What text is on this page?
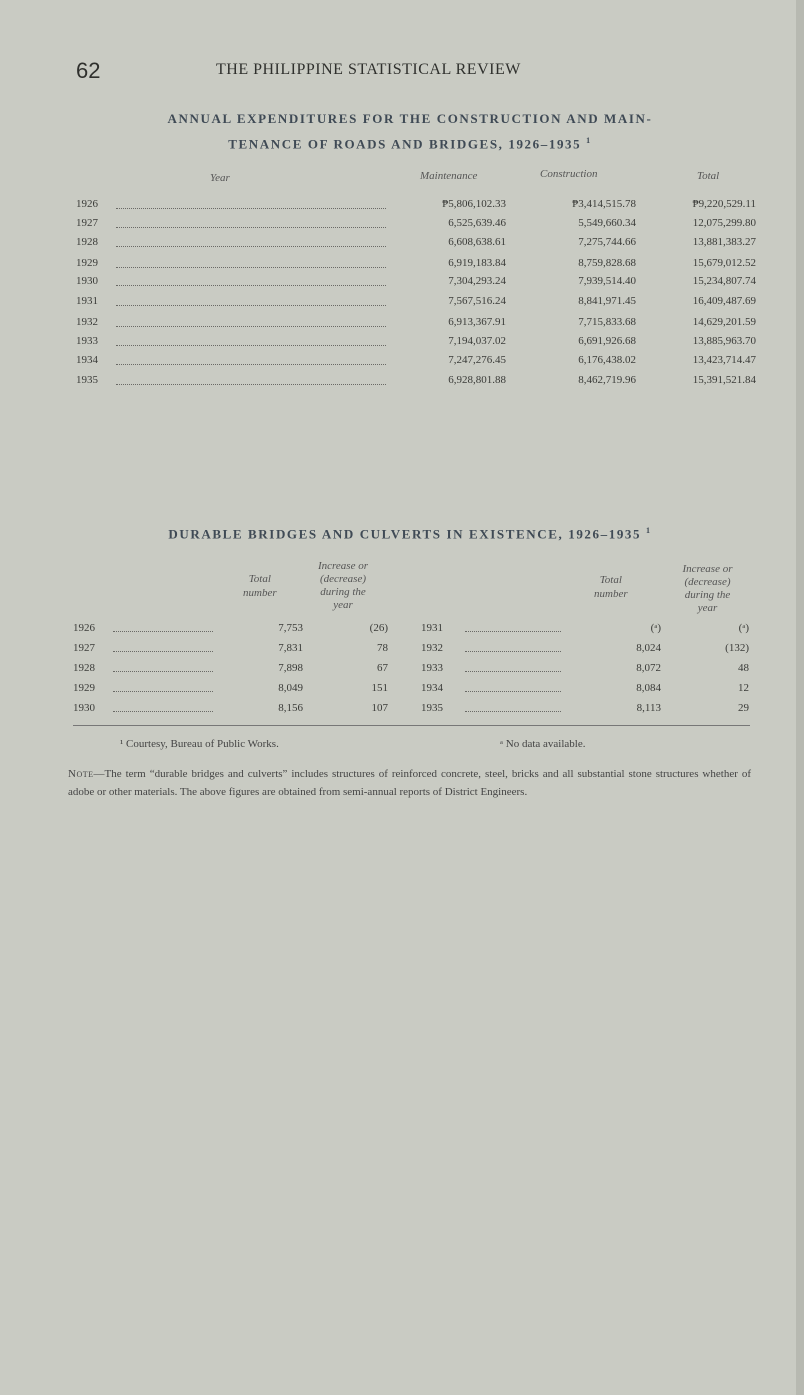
62	THE PHILIPPINE STATISTICAL REVIEW
ANNUAL EXPENDITURES FOR THE CONSTRUCTION AND MAIN-
TENANCE OF ROADS AND BRIDGES, 1926–1935 $^1$
Year	Maintenance	Construction	Total
1926	₱5,806,102.33	₱3,414,515.78	₱9,220,529.11
1927	6,525,639.46	5,549,660.34	12,075,299.80
1928	6,608,638.61	7,275,744.66	13,881,383.27
1929	6,919,183.84	8,759,828.68	15,679,012.52
1930	7,304,293.24	7,939,514.40	15,234,807.74
1931	7,567,516.24	8,841,971.45	16,409,487.69
1932	6,913,367.91	7,715,833.68	14,629,201.59
1933	7,194,037.02	6,691,926.68	13,885,963.70
1934	7,247,276.45	6,176,438.02	13,423,714.47
1935	6,928,801.88	8,462,719.96	15,391,521.84
DURABLE BRIDGES AND CULVERTS IN EXISTENCE, 1926–1935 $^1$
Total
number
Increase or
(decrease)
during the
year
Total
number
Increase or
(decrease)
during the
year
1926	7,753	(26)	1931	(ᵃ)	(ᵃ)
1927	7,831	78	1932	8,024	(132)
1928	7,898	67	1933	8,072	48
1929	8,049	151	1934	8,084	12
1930	8,156	107	1935	8,113	29
¹ Courtesy, Bureau of Public Works.	ᵃ No data available.
Note—The term “durable bridges and culverts” includes structures of reinforced concrete, steel, bricks and all substantial stone structures whether of adobe or other materials. The above figures are obtained from semi-annual reports of District Engineers.
